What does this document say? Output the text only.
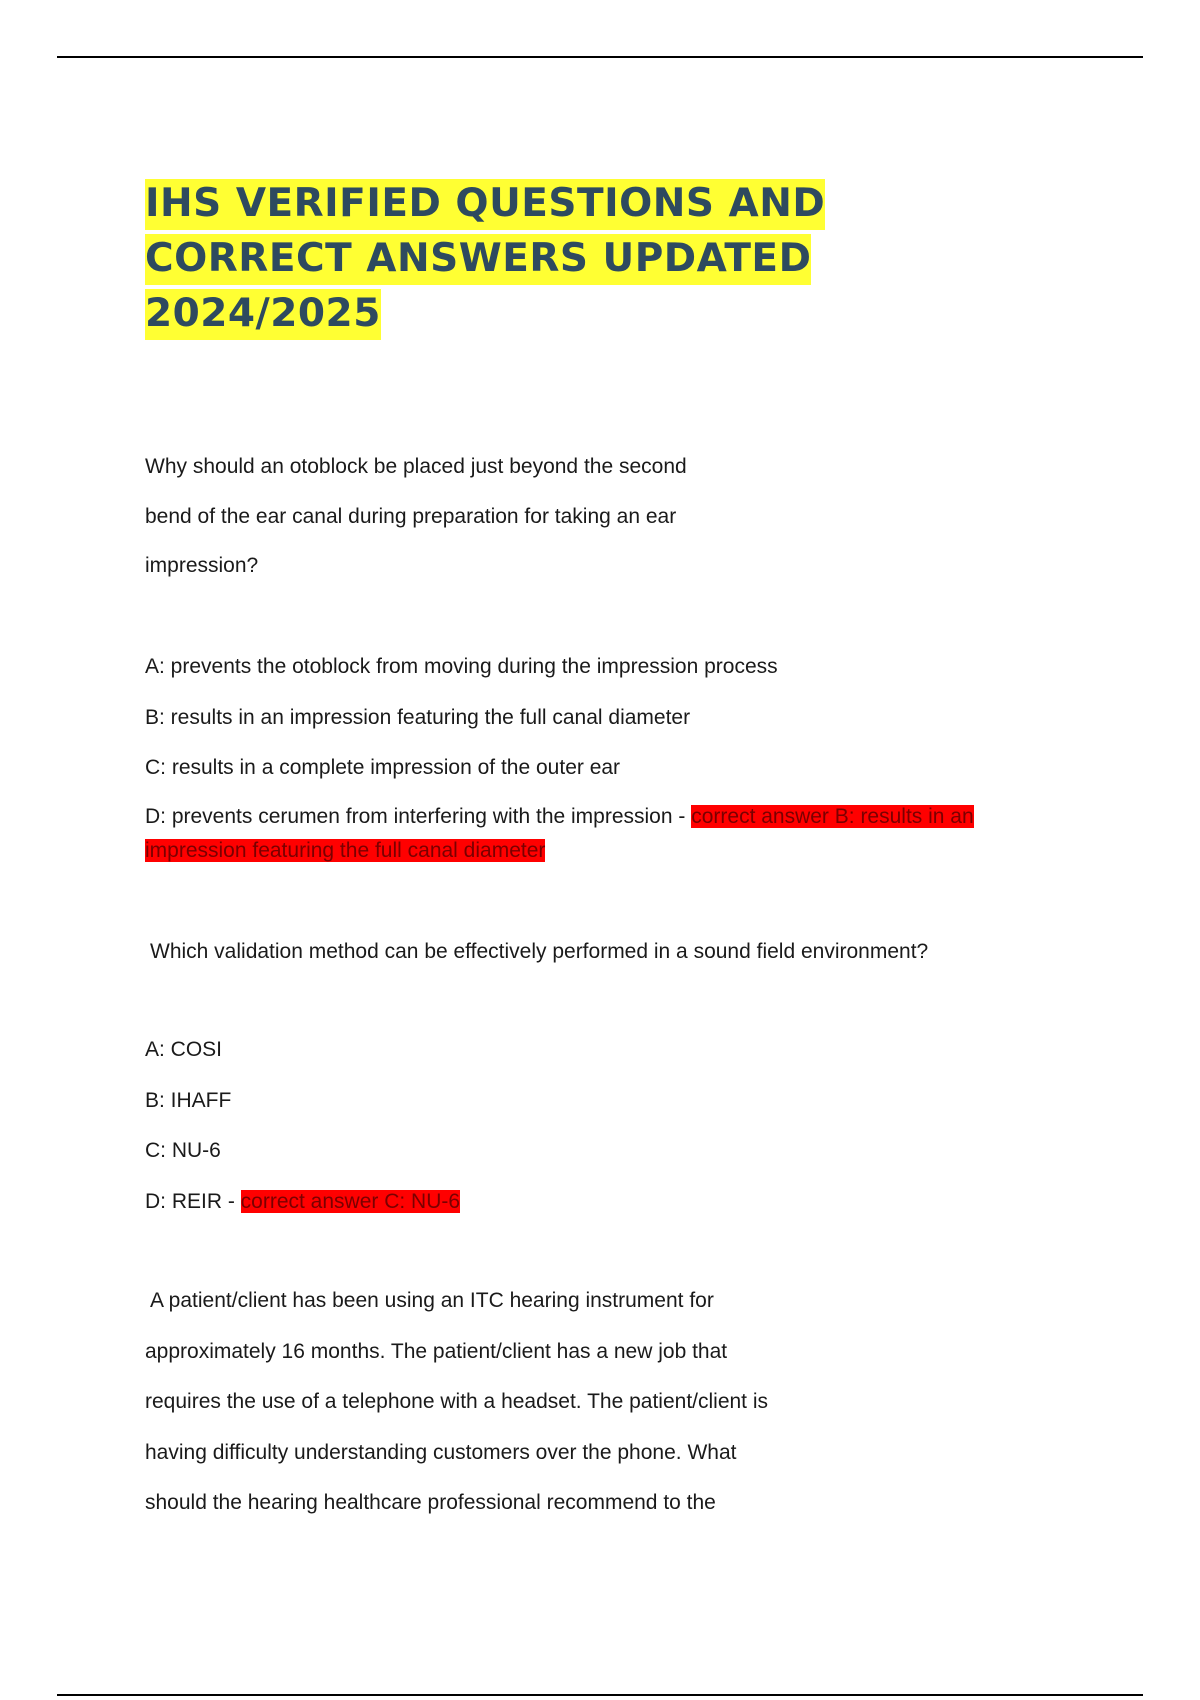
IHS VERIFIED QUESTIONS AND
CORRECT ANSWERS UPDATED
2024/2025

Why should an otoblock be placed just beyond the second

bend of the ear canal during preparation for taking an ear

impression?

A: prevents the otoblock from moving during the impression process

B: results in an impression featuring the full canal diameter

C: results in a complete impression of the outer ear

D: prevents cerumen from interfering with the impression - correct answer B: results in an impression featuring the full canal diameter

Which validation method can be effectively performed in a sound field environment?

A: COSI

B: IHAFF

C: NU-6

D: REIR - correct answer C: NU-6

A patient/client has been using an ITC hearing instrument for

approximately 16 months. The patient/client has a new job that

requires the use of a telephone with a headset. The patient/client is

having difficulty understanding customers over the phone. What

should the hearing healthcare professional recommend to the
